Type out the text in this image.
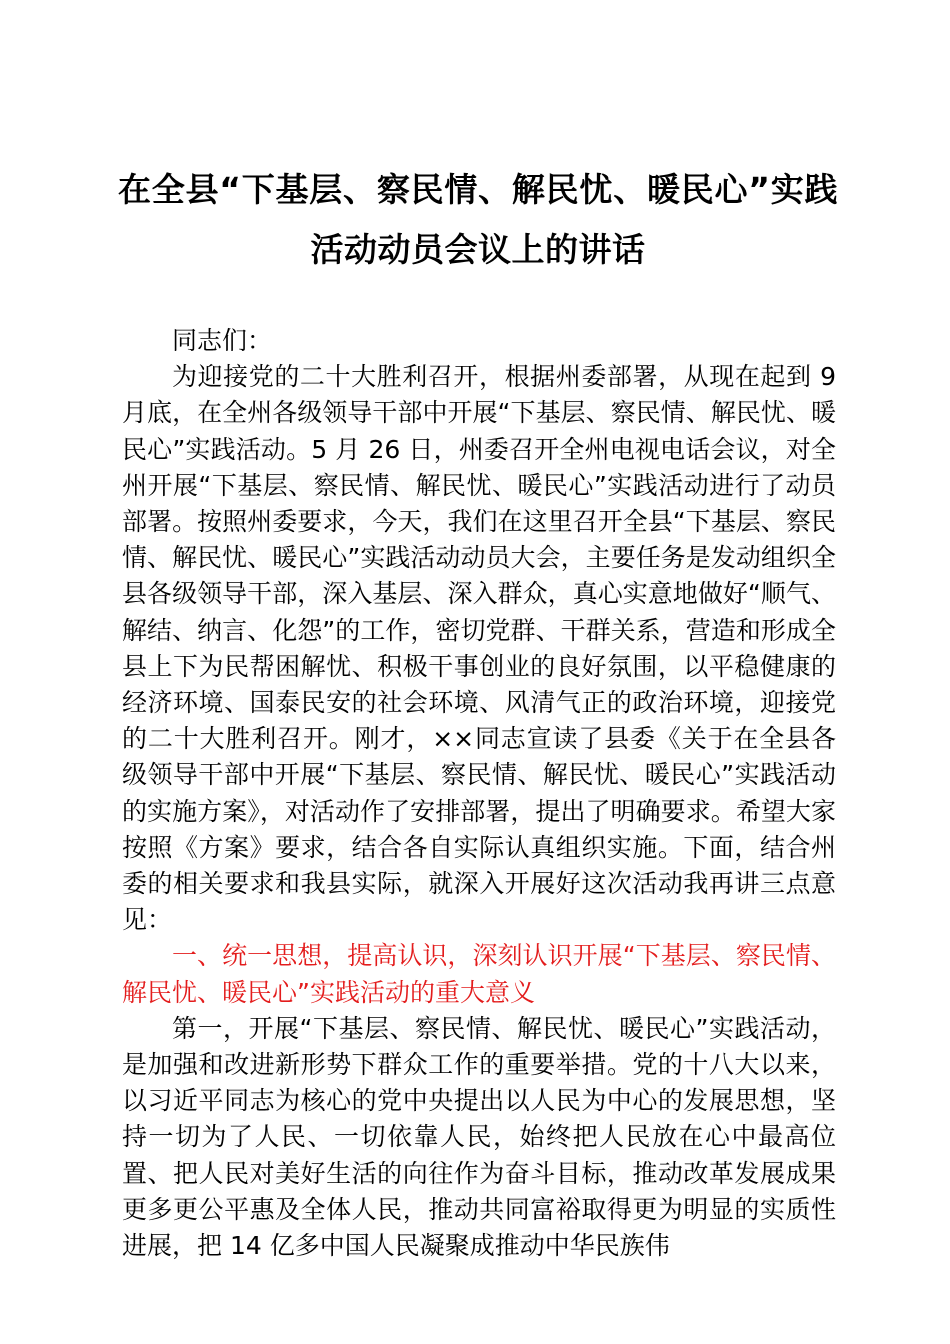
在全县“下基层、察民情、解民忧、暖民心”实践活动动员会议上的讲话

同志们：

为迎接党的二十大胜利召开，根据州委部署，从现在起到 9 月底，在全州各级领导干部中开展“下基层、察民情、解民忧、暖民心”实践活动。5 月 26 日，州委召开全州电视电话会议，对全州开展“下基层、察民情、解民忧、暖民心”实践活动进行了动员部署。按照州委要求，今天，我们在这里召开全县“下基层、察民情、解民忧、暖民心”实践活动动员大会，主要任务是发动组织全县各级领导干部，深入基层、深入群众，真心实意地做好“顺气、解结、纳言、化怨”的工作，密切党群、干群关系，营造和形成全县上下为民帮困解忧、积极干事创业的良好氛围，以平稳健康的经济环境、国泰民安的社会环境、风清气正的政治环境，迎接党的二十大胜利召开。刚才，××同志宣读了县委《关于在全县各级领导干部中开展“下基层、察民情、解民忧、暖民心”实践活动的实施方案》，对活动作了安排部署，提出了明确要求。希望大家按照《方案》要求，结合各自实际认真组织实施。下面，结合州委的相关要求和我县实际，就深入开展好这次活动我再讲三点意见：

一、统一思想，提高认识，深刻认识开展“下基层、察民情、解民忧、暖民心”实践活动的重大意义

第一，开展“下基层、察民情、解民忧、暖民心”实践活动，是加强和改进新形势下群众工作的重要举措。党的十八大以来，以习近平同志为核心的党中央提出以人民为中心的发展思想，坚持一切为了人民、一切依靠人民，始终把人民放在心中最高位置、把人民对美好生活的向往作为奋斗目标，推动改革发展成果更多更公平惠及全体人民，推动共同富裕取得更为明显的实质性进展，把 14 亿多中国人民凝聚成推动中华民族伟
